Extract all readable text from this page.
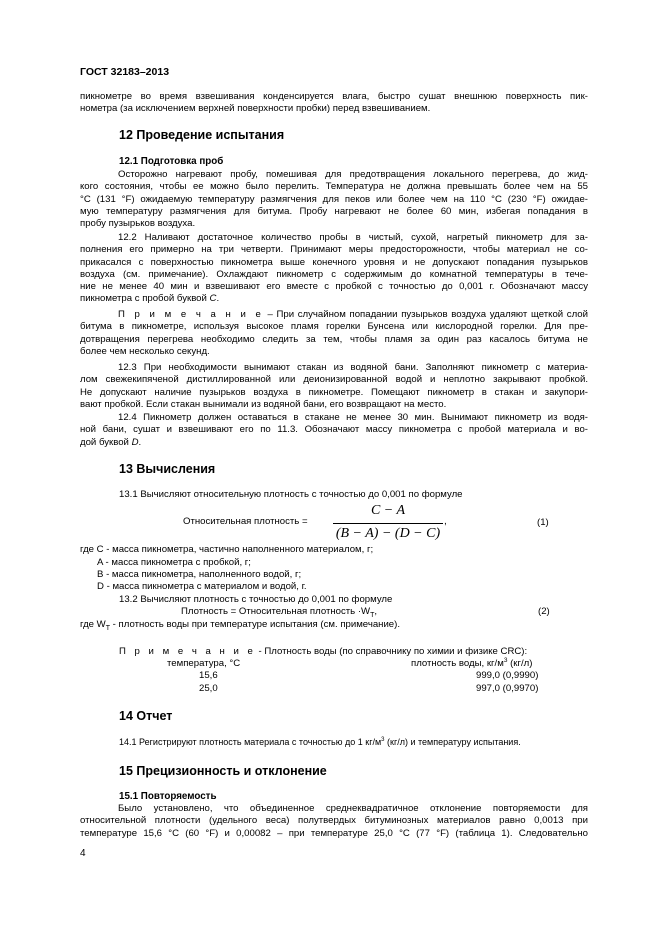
ГОСТ 32183–2013
пикнометре во время взвешивания конденсируется влага, быстро сушат внешнюю поверхность пик-
нометра (за исключением верхней поверхности пробки) перед взвешиванием.
12 Проведение испытания
12.1 Подготовка проб
Осторожно нагревают пробу, помешивая для предотвращения локального перегрева, до жид-
кого состояния, чтобы ее можно было перелить. Температура не должна превышать более чем на 55
°C (131 °F) ожидаемую температуру размягчения для пеков или более чем на 110 °C (230 °F) ожидае-
мую температуру размягчения для битума. Пробу нагревают не более 60 мин, избегая попадания в
пробу пузырьков воздуха.
12.2 Наливают достаточное количество пробы в чистый, сухой, нагретый пикнометр для за-
полнения его примерно на три четверти. Принимают меры предосторожности, чтобы материал не со-
прикасался с поверхностью пикнометра выше конечного уровня и не допускают попадания пузырьков
воздуха (см. примечание). Охлаждают пикнометр с содержимым до комнатной температуры в тече-
ние не менее 40 мин и взвешивают его вместе с пробкой с точностью до 0,001 г. Обозначают массу
пикнометра с пробой буквой C.
П р и м е ч а н и е – При случайном попадании пузырьков воздуха удаляют щеткой слой
битума в пикнометре, используя высокое пламя горелки Бунсена или кислородной горелки. Для пре-
дотвращения перегрева необходимо следить за тем, чтобы пламя за один раз касалось битума не
более чем несколько секунд.
12.3 При необходимости вынимают стакан из водяной бани. Заполняют пикнометр с материа-
лом свежекипяченой дистиллированной или деионизированной водой и неплотно закрывают пробкой.
Не допускают наличие пузырьков воздуха в пикнометре. Помещают пикнометр в стакан и закупори-
вают пробкой. Если стакан вынимали из водяной бани, его возвращают на место.
12.4 Пикнометр должен оставаться в стакане не менее 30 мин. Вынимают пикнометр из водя-
ной бани, сушат и взвешивают его по 11.3. Обозначают массу пикнометра с пробой материала и во-
дой буквой D.
13 Вычисления
13.1 Вычисляют относительную плотность с точностью до 0,001 по формуле
Относительная плотность =
C − A
(B − A) − (D − C)
,	(1)
где C - масса пикнометра, частично наполненного материалом, г;
A - масса пикнометра с пробкой, г;
B - масса пикнометра, наполненного водой, г;
D - масса пикнометра с материалом и водой, г.
13.2 Вычисляют плотность с точностью до 0,001 по формуле
Плотность = Относительная плотность $\cdot W_T$,	(2)
где $W_T$ - плотность воды при температуре испытания (см. примечание).
П р и м е ч а н и е - Плотность воды (по справочнику по химии и физике CRC):
температура, °C	плотность воды, $кг/м^3$ (кг/л)
15,6	999,0 (0,9990)
25,0	997,0 (0,9970)
14 Отчет
14.1 Регистрируют плотность материала с точностью до 1 $кг/м^3$ (кг/л) и температуру испытания.
15 Прецизионность и отклонение
15.1 Повторяемость
Было установлено, что объединенное среднеквадратичное отклонение повторяемости для
относительной плотности (удельного веса) полутвердых битуминозных материалов равно 0,0013 при
температуре 15,6 °C (60 °F) и 0,00082 – при температуре 25,0 °C (77 °F) (таблица 1). Следовательно
4
